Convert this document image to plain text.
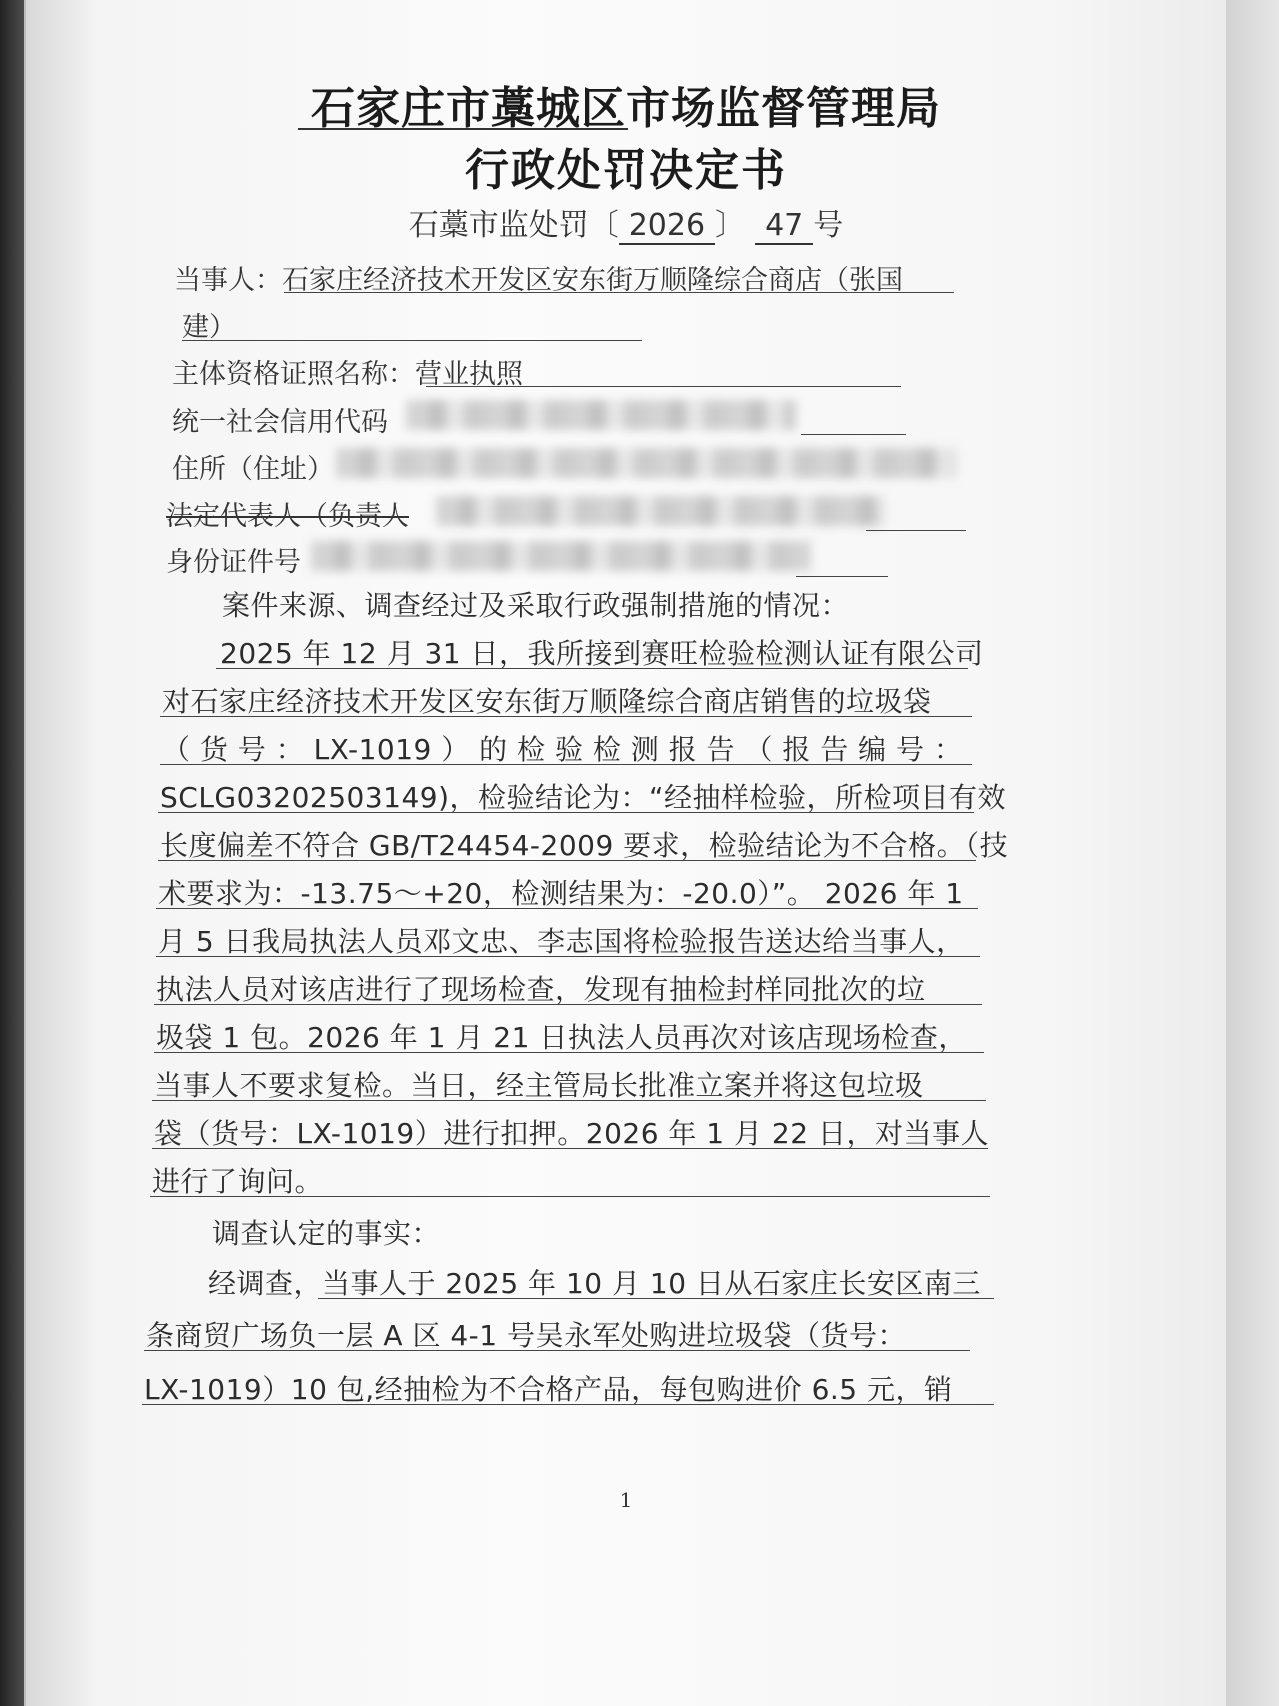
石家庄市藁城区市场监督管理局
行政处罚决定书
石藁市监处罚〔 2026 〕 47 号
当事人：石家庄经济技术开发区安东街万顺隆综合商店（张国
建）
主体资格证照名称：营业执照
统一社会信用代码
住所（住址）
法定代表人（负责人
身份证件号
案件来源、调查经过及采取行政强制措施的情况：
2025 年 12 月 31 日，我所接到赛旺检验检测认证有限公司
对石家庄经济技术开发区安东街万顺隆综合商店销售的垃圾袋
（ 货 号 ： LX-1019 ） 的 检 验 检 测 报 告 （ 报 告 编 号 ：
SCLG03202503149)，检验结论为：“经抽样检验，所检项目有效
长度偏差不符合 GB/T24454-2009 要求，检验结论为不合格。（技
术要求为：-13.75～+20，检测结果为：-20.0）”。 2026 年 1
月 5 日我局执法人员邓文忠、李志国将检验报告送达给当事人，
执法人员对该店进行了现场检查，发现有抽检封样同批次的垃
圾袋 1 包。2026 年 1 月 21 日执法人员再次对该店现场检查，
当事人不要求复检。当日，经主管局长批准立案并将这包垃圾
袋（货号：LX-1019）进行扣押。2026 年 1 月 22 日，对当事人
进行了询问。
调查认定的事实：
经调查，当事人于 2025 年 10 月 10 日从石家庄长安区南三
条商贸广场负一层 A 区 4-1 号吴永军处购进垃圾袋（货号：
LX-1019）10 包,经抽检为不合格产品，每包购进价 6.5 元，销
1
